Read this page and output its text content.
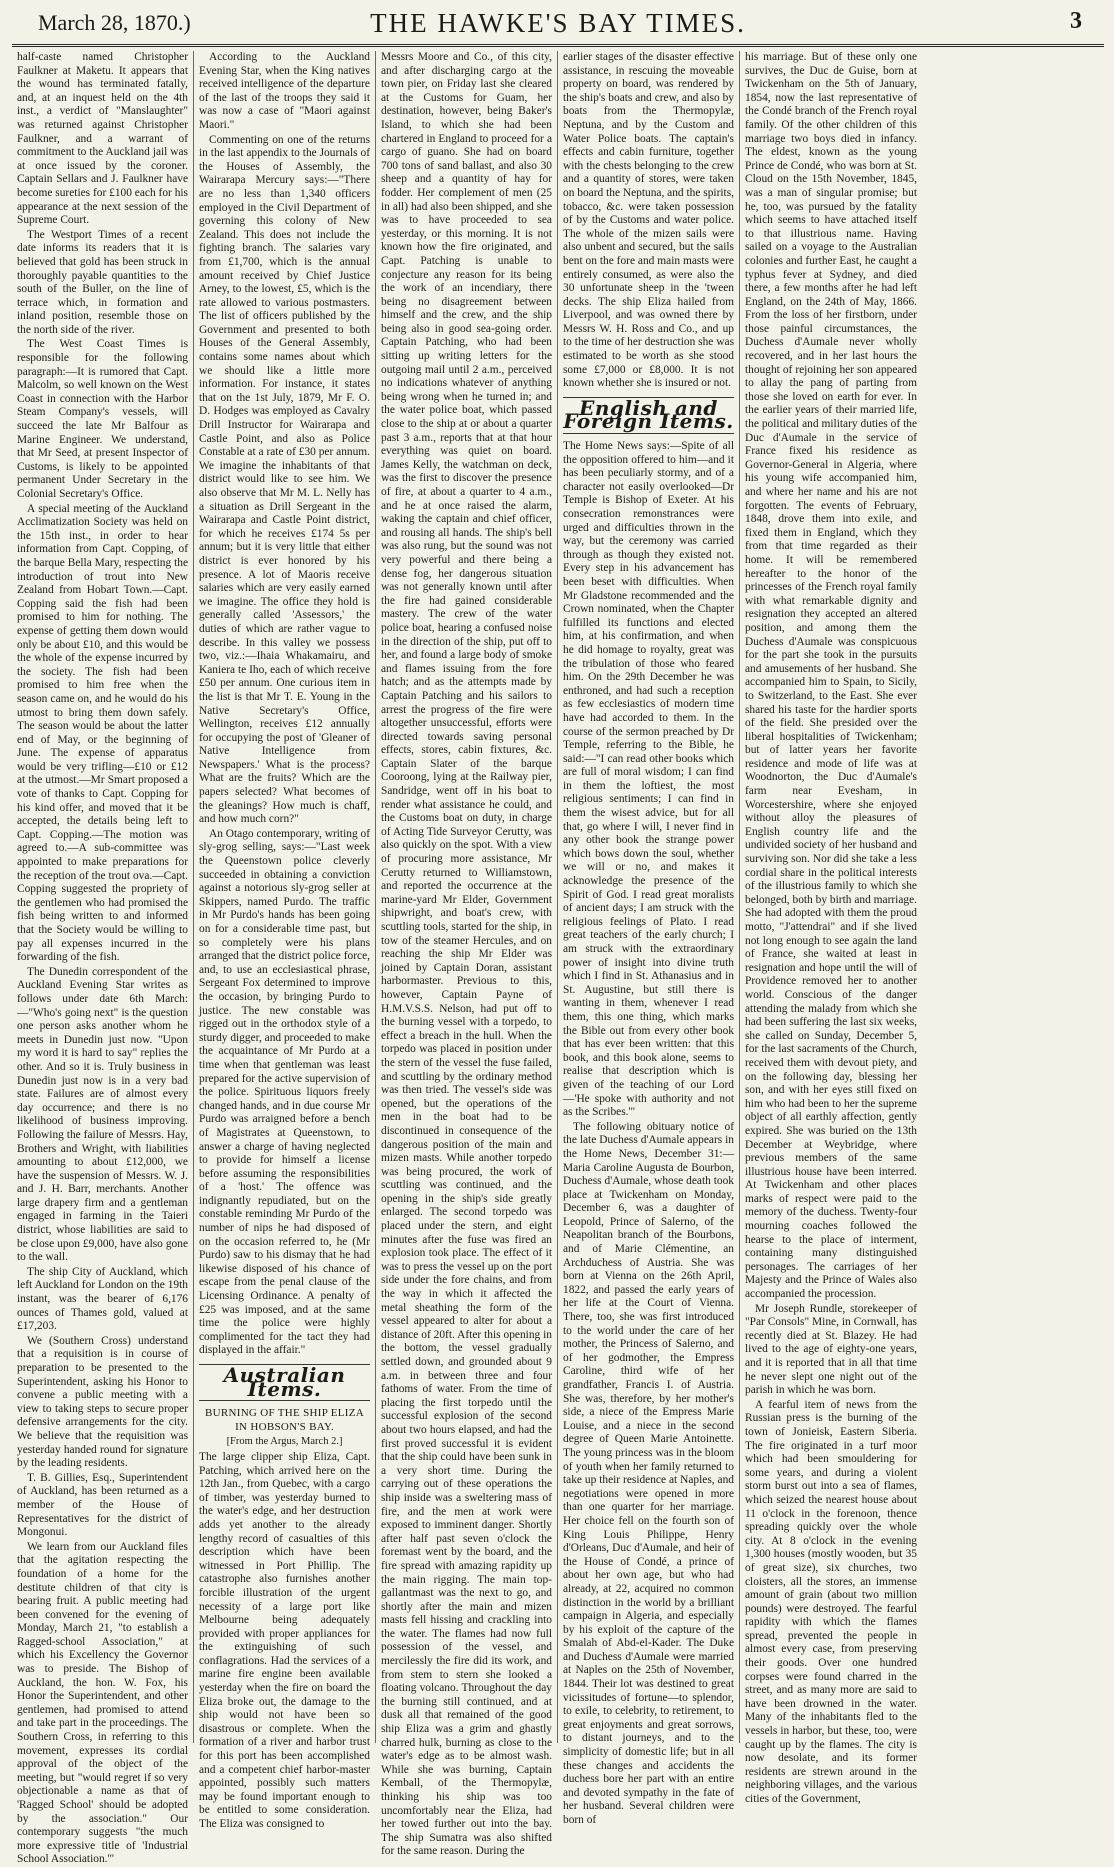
March 28, 1870.)	THE HAWKE'S BAY TIMES.	3

half-caste named Christopher Faulkner at Maketu. It appears that the wound has terminated fatally, and, at an inquest held on the 4th inst., a verdict of "Manslaughter" was returned against Christopher Faulkner, and a warrant of commitment to the Auckland jail was at once issued by the coroner. Captain Sellars and J. Faulkner have become sureties for £100 each for his appearance at the next session of the Supreme Court.

The Westport Times of a recent date informs its readers that it is believed that gold has been struck in thoroughly payable quantities to the south of the Buller, on the line of terrace which, in formation and inland position, resemble those on the north side of the river.

The West Coast Times is responsible for the following paragraph:—It is rumored that Capt. Malcolm, so well known on the West Coast in connection with the Harbor Steam Company's vessels, will succeed the late Mr Balfour as Marine Engineer. We understand, that Mr Seed, at present Inspector of Customs, is likely to be appointed permanent Under Secretary in the Colonial Secretary's Office.

A special meeting of the Auckland Acclimatization Society was held on the 15th inst., in order to hear information from Capt. Copping, of the barque Bella Mary, respecting the introduction of trout into New Zealand from Hobart Town.—Capt. Copping said the fish had been promised to him for nothing. The expense of getting them down would only be about £10, and this would be the whole of the expense incurred by the society. The fish had been promised to him free when the season came on, and he would do his utmost to bring them down safely. The season would be about the latter end of May, or the beginning of June. The expense of apparatus would be very trifling—£10 or £12 at the utmost.—Mr Smart proposed a vote of thanks to Capt. Copping for his kind offer, and moved that it be accepted, the details being left to Capt. Copping.—The motion was agreed to.—A sub-committee was appointed to make preparations for the reception of the trout ova.—Capt. Copping suggested the propriety of the gentlemen who had promised the fish being written to and informed that the Society would be willing to pay all expenses incurred in the forwarding of the fish.

The Dunedin correspondent of the Auckland Evening Star writes as follows under date 6th March:—"Who's going next" is the question one person asks another whom he meets in Dunedin just now. "Upon my word it is hard to say" replies the other. And so it is. Truly business in Dunedin just now is in a very bad state. Failures are of almost every day occurrence; and there is no likelihood of business improving. Following the failure of Messrs. Hay, Brothers and Wright, with liabilities amounting to about £12,000, we have the suspension of Messrs. W. J. and J. H. Barr, merchants. Another large drapery firm and a gentleman engaged in farming in the Taieri district, whose liabilities are said to be close upon £9,000, have also gone to the wall.

The ship City of Auckland, which left Auckland for London on the 19th instant, was the bearer of 6,176 ounces of Thames gold, valued at £17,203.

We (Southern Cross) understand that a requisition is in course of preparation to be presented to the Superintendent, asking his Honor to convene a public meeting with a view to taking steps to secure proper defensive arrangements for the city. We believe that the requisition was yesterday handed round for signature by the leading residents.

T. B. Gillies, Esq., Superintendent of Auckland, has been returned as a member of the House of Representatives for the district of Mongonui.

We learn from our Auckland files that the agitation respecting the foundation of a home for the destitute children of that city is bearing fruit. A public meeting had been convened for the evening of Monday, March 21, "to establish a Ragged-school Association," at which his Excellency the Governor was to preside. The Bishop of Auckland, the hon. W. Fox, his Honor the Superintendent, and other gentlemen, had promised to attend and take part in the proceedings. The Southern Cross, in referring to this movement, expresses its cordial approval of the object of the meeting, but "would regret if so very objectionable a name as that of 'Ragged School' should be adopted by the association." Our contemporary suggests "the much more expressive title of 'Industrial School Association.'"

According to the Auckland Evening Star, when the King natives received intelligence of the departure of the last of the troops they said it was now a case of "Maori against Maori."

Commenting on one of the returns in the last appendix to the Journals of the Houses of Assembly, the Wairarapa Mercury says:—"There are no less than 1,340 officers employed in the Civil Department of governing this colony of New Zealand. This does not include the fighting branch. The salaries vary from £1,700, which is the annual amount received by Chief Justice Arney, to the lowest, £5, which is the rate allowed to various postmasters. The list of officers published by the Government and presented to both Houses of the General Assembly, contains some names about which we should like a little more information. For instance, it states that on the 1st July, 1879, Mr F. O. D. Hodges was employed as Cavalry Drill Instructor for Wairarapa and Castle Point, and also as Police Constable at a rate of £30 per annum. We imagine the inhabitants of that district would like to see him. We also observe that Mr M. L. Nelly has a situation as Drill Sergeant in the Wairarapa and Castle Point district, for which he receives £174 5s per annum; but it is very little that either district is ever honored by his presence. A lot of Maoris receive salaries which are very easily earned we imagine. The office they hold is generally called 'Assessors,' the duties of which are rather vague to describe. In this valley we possess two, viz.:—Ihaia Whakamairu, and Kaniera te Iho, each of which receive £50 per annum. One curious item in the list is that Mr T. E. Young in the Native Secretary's Office, Wellington, receives £12 annually for occupying the post of 'Gleaner of Native Intelligence from Newspapers.' What is the process? What are the fruits? Which are the papers selected? What becomes of the gleanings? How much is chaff, and how much corn?"

An Otago contemporary, writing of sly-grog selling, says:—"Last week the Queenstown police cleverly succeeded in obtaining a conviction against a notorious sly-grog seller at Skippers, named Purdo. The traffic in Mr Purdo's hands has been going on for a considerable time past, but so completely were his plans arranged that the district police force, and, to use an ecclesiastical phrase, Sergeant Fox determined to improve the occasion, by bringing Purdo to justice. The new constable was rigged out in the orthodox style of a sturdy digger, and proceeded to make the acquaintance of Mr Purdo at a time when that gentleman was least prepared for the active supervision of the police. Spirituous liquors freely changed hands, and in due course Mr Purdo was arraigned before a bench of Magistrates at Queenstown, to answer a charge of having neglected to provide for himself a license before assuming the responsibilities of a 'host.' The offence was indignantly repudiated, but on the constable reminding Mr Purdo of the number of nips he had disposed of on the occasion referred to, he (Mr Purdo) saw to his dismay that he had likewise disposed of his chance of escape from the penal clause of the Licensing Ordinance. A penalty of £25 was imposed, and at the same time the police were highly complimented for the tact they had displayed in the affair."

Australian Items.
BURNING OF THE SHIP ELIZA IN HOBSON'S BAY.
[From the Argus, March 2.]

The large clipper ship Eliza, Capt. Patching, which arrived here on the 12th Jan., from Quebec, with a cargo of timber, was yesterday burned to the water's edge, and her destruction adds yet another to the already lengthy record of casualties of this description which have been witnessed in Port Phillip. The catastrophe also furnishes another forcible illustration of the urgent necessity of a large port like Melbourne being adequately provided with proper appliances for the extinguishing of such conflagrations. Had the services of a marine fire engine been available yesterday when the fire on board the Eliza broke out, the damage to the ship would not have been so disastrous or complete. When the formation of a river and harbor trust for this port has been accomplished and a competent chief harbor-master appointed, possibly such matters may be found important enough to be entitled to some consideration. The Eliza was consigned to

Messrs Moore and Co., of this city, and after discharging cargo at the town pier, on Friday last she cleared at the Customs for Guam, her destination, however, being Baker's Island, to which she had been chartered in England to proceed for a cargo of guano. She had on board 700 tons of sand ballast, and also 30 sheep and a quantity of hay for fodder. Her complement of men (25 in all) had also been shipped, and she was to have proceeded to sea yesterday, or this morning. It is not known how the fire originated, and Capt. Patching is unable to conjecture any reason for its being the work of an incendiary, there being no disagreement between himself and the crew, and the ship being also in good sea-going order. Captain Patching, who had been sitting up writing letters for the outgoing mail until 2 a.m., perceived no indications whatever of anything being wrong when he turned in; and the water police boat, which passed close to the ship at or about a quarter past 3 a.m., reports that at that hour everything was quiet on board. James Kelly, the watchman on deck, was the first to discover the presence of fire, at about a quarter to 4 a.m., and he at once raised the alarm, waking the captain and chief officer, and rousing all hands. The ship's bell was also rung, but the sound was not very powerful and there being a dense fog, her dangerous situation was not generally known until after the fire had gained considerable mastery. The crew of the water police boat, hearing a confused noise in the direction of the ship, put off to her, and found a large body of smoke and flames issuing from the fore hatch; and as the attempts made by Captain Patching and his sailors to arrest the progress of the fire were altogether unsuccessful, efforts were directed towards saving personal effects, stores, cabin fixtures, &c. Captain Slater of the barque Cooroong, lying at the Railway pier, Sandridge, went off in his boat to render what assistance he could, and the Customs boat on duty, in charge of Acting Tide Surveyor Cerutty, was also quickly on the spot. With a view of procuring more assistance, Mr Cerutty returned to Williamstown, and reported the occurrence at the marine-yard Mr Elder, Government shipwright, and boat's crew, with scuttling tools, started for the ship, in tow of the steamer Hercules, and on reaching the ship Mr Elder was joined by Captain Doran, assistant harbormaster. Previous to this, however, Captain Payne of H.M.V.S.S. Nelson, had put off to the burning vessel with a torpedo, to effect a breach in the hull. When the torpedo was placed in position under the stern of the vessel the fuse failed, and scuttling by the ordinary method was then tried. The vessel's side was opened, but the operations of the men in the boat had to be discontinued in consequence of the dangerous position of the main and mizen masts. While another torpedo was being procured, the work of scuttling was continued, and the opening in the ship's side greatly enlarged. The second torpedo was placed under the stern, and eight minutes after the fuse was fired an explosion took place. The effect of it was to press the vessel up on the port side under the fore chains, and from the way in which it affected the metal sheathing the form of the vessel appeared to alter for about a distance of 20ft. After this opening in the bottom, the vessel gradually settled down, and grounded about 9 a.m. in between three and four fathoms of water. From the time of placing the first torpedo until the successful explosion of the second about two hours elapsed, and had the first proved successful it is evident that the ship could have been sunk in a very short time. During the carrying out of these operations the ship inside was a sweltering mass of fire, and the men at work were exposed to imminent danger. Shortly after half past seven o'clock the foremast went by the board, and the fire spread with amazing rapidity up the main rigging. The main top-gallantmast was the next to go, and shortly after the main and mizen masts fell hissing and crackling into the water. The flames had now full possession of the vessel, and mercilessly the fire did its work, and from stem to stern she looked a floating volcano. Throughout the day the burning still continued, and at dusk all that remained of the good ship Eliza was a grim and ghastly charred hulk, burning as close to the water's edge as to be almost wash. While she was burning, Captain Kemball, of the Thermopylæ, thinking his ship was too uncomfortably near the Eliza, had her towed further out into the bay. The ship Sumatra was also shifted for the same reason. During the

earlier stages of the disaster effective assistance, in rescuing the moveable property on board, was rendered by the ship's boats and crew, and also by boats from the Thermopylæ, Neptuna, and by the Custom and Water Police boats. The captain's effects and cabin furniture, together with the chests belonging to the crew and a quantity of stores, were taken on board the Neptuna, and the spirits, tobacco, &c. were taken possession of by the Customs and water police. The whole of the mizen sails were also unbent and secured, but the sails bent on the fore and main masts were entirely consumed, as were also the 30 unfortunate sheep in the 'tween decks. The ship Eliza hailed from Liverpool, and was owned there by Messrs W. H. Ross and Co., and up to the time of her destruction she was estimated to be worth as she stood some £7,000 or £8,000. It is not known whether she is insured or not.

English and Foreign Items.

The Home News says:—Spite of all the opposition offered to him—and it has been peculiarly stormy, and of a character not easily overlooked—Dr Temple is Bishop of Exeter. At his consecration remonstrances were urged and difficulties thrown in the way, but the ceremony was carried through as though they existed not. Every step in his advancement has been beset with difficulties. When Mr Gladstone recommended and the Crown nominated, when the Chapter fulfilled its functions and elected him, at his confirmation, and when he did homage to royalty, great was the tribulation of those who feared him. On the 29th December he was enthroned, and had such a reception as few ecclesiastics of modern time have had accorded to them. In the course of the sermon preached by Dr Temple, referring to the Bible, he said:—"I can read other books which are full of moral wisdom; I can find in them the loftiest, the most religious sentiments; I can find in them the wisest advice, but for all that, go where I will, I never find in any other book the strange power which bows down the soul, whether we will or no, and makes it acknowledge the presence of the Spirit of God. I read great moralists of ancient days; I am struck with the religious feelings of Plato. I read great teachers of the early church; I am struck with the extraordinary power of insight into divine truth which I find in St. Athanasius and in St. Augustine, but still there is wanting in them, whenever I read them, this one thing, which marks the Bible out from every other book that has ever been written: that this book, and this book alone, seems to realise that description which is given of the teaching of our Lord—'He spoke with authority and not as the Scribes.'"

The following obituary notice of the late Duchess d'Aumale appears in the Home News, December 31:—Maria Caroline Augusta de Bourbon, Duchess d'Aumale, whose death took place at Twickenham on Monday, December 6, was a daughter of Leopold, Prince of Salerno, of the Neapolitan branch of the Bourbons, and of Marie Clémentine, an Archduchess of Austria. She was born at Vienna on the 26th April, 1822, and passed the early years of her life at the Court of Vienna. There, too, she was first introduced to the world under the care of her mother, the Princess of Salerno, and of her godmother, the Empress Caroline, third wife of her grandfather, Francis I. of Austria. She was, therefore, by her mother's side, a niece of the Empress Marie Louise, and a niece in the second degree of Queen Marie Antoinette. The young princess was in the bloom of youth when her family returned to take up their residence at Naples, and negotiations were opened in more than one quarter for her marriage. Her choice fell on the fourth son of King Louis Philippe, Henry d'Orleans, Duc d'Aumale, and heir of the House of Condé, a prince of about her own age, but who had already, at 22, acquired no common distinction in the world by a brilliant campaign in Algeria, and especially by his exploit of the capture of the Smalah of Abd-el-Kader. The Duke and Duchess d'Aumale were married at Naples on the 25th of November, 1844. Their lot was destined to great vicissitudes of fortune—to splendor, to exile, to celebrity, to retirement, to great enjoyments and great sorrows, to distant journeys, and to the simplicity of domestic life; but in all these changes and accidents the duchess bore her part with an entire and devoted sympathy in the fate of her husband. Several children were born of

his marriage. But of these only one survives, the Duc de Guise, born at Twickenham on the 5th of January, 1854, now the last representative of the Condé branch of the French royal family. Of the other children of this marriage two boys died in infancy. The eldest, known as the young Prince de Condé, who was born at St. Cloud on the 15th November, 1845, was a man of singular promise; but he, too, was pursued by the fatality which seems to have attached itself to that illustrious name. Having sailed on a voyage to the Australian colonies and further East, he caught a typhus fever at Sydney, and died there, a few months after he had left England, on the 24th of May, 1866. From the loss of her firstborn, under those painful circumstances, the Duchess d'Aumale never wholly recovered, and in her last hours the thought of rejoining her son appeared to allay the pang of parting from those she loved on earth for ever. In the earlier years of their married life, the political and military duties of the Duc d'Aumale in the service of France fixed his residence as Governor-General in Algeria, where his young wife accompanied him, and where her name and his are not forgotten. The events of February, 1848, drove them into exile, and fixed them in England, which they from that time regarded as their home. It will be remembered hereafter to the honor of the princesses of the French royal family with what remarkable dignity and resignation they accepted an altered position, and among them the Duchess d'Aumale was conspicuous for the part she took in the pursuits and amusements of her husband. She accompanied him to Spain, to Sicily, to Switzerland, to the East. She ever shared his taste for the hardier sports of the field. She presided over the liberal hospitalities of Twickenham; but of latter years her favorite residence and mode of life was at Woodnorton, the Duc d'Aumale's farm near Evesham, in Worcestershire, where she enjoyed without alloy the pleasures of English country life and the undivided society of her husband and surviving son. Nor did she take a less cordial share in the political interests of the illustrious family to which she belonged, both by birth and marriage. She had adopted with them the proud motto, "J'attendrai" and if she lived not long enough to see again the land of France, she waited at least in resignation and hope until the will of Providence removed her to another world. Conscious of the danger attending the malady from which she had been suffering the last six weeks, she called on Sunday, December 5, for the last sacraments of the Church, received them with devout piety, and on the following day, blessing her son, and with her eyes still fixed on him who had been to her the supreme object of all earthly affection, gently expired. She was buried on the 13th December at Weybridge, where previous members of the same illustrious house have been interred. At Twickenham and other places marks of respect were paid to the memory of the duchess. Twenty-four mourning coaches followed the hearse to the place of interment, containing many distinguished personages. The carriages of her Majesty and the Prince of Wales also accompanied the procession.

Mr Joseph Rundle, storekeeper of "Par Consols" Mine, in Cornwall, has recently died at St. Blazey. He had lived to the age of eighty-one years, and it is reported that in all that time he never slept one night out of the parish in which he was born.

A fearful item of news from the Russian press is the burning of the town of Jonieisk, Eastern Siberia. The fire originated in a turf moor which had been smouldering for some years, and during a violent storm burst out into a sea of flames, which seized the nearest house about 11 o'clock in the forenoon, thence spreading quickly over the whole city. At 8 o'clock in the evening 1,300 houses (mostly wooden, but 35 of great size), six churches, two cloisters, all the stores, an immense amount of grain (about two million pounds) were destroyed. The fearful rapidity with which the flames spread, prevented the people in almost every case, from preserving their goods. Over one hundred corpses were found charred in the street, and as many more are said to have been drowned in the water. Many of the inhabitants fled to the vessels in harbor, but these, too, were caught up by the flames. The city is now desolate, and its former residents are strewn around in the neighboring villages, and the various cities of the Government,
